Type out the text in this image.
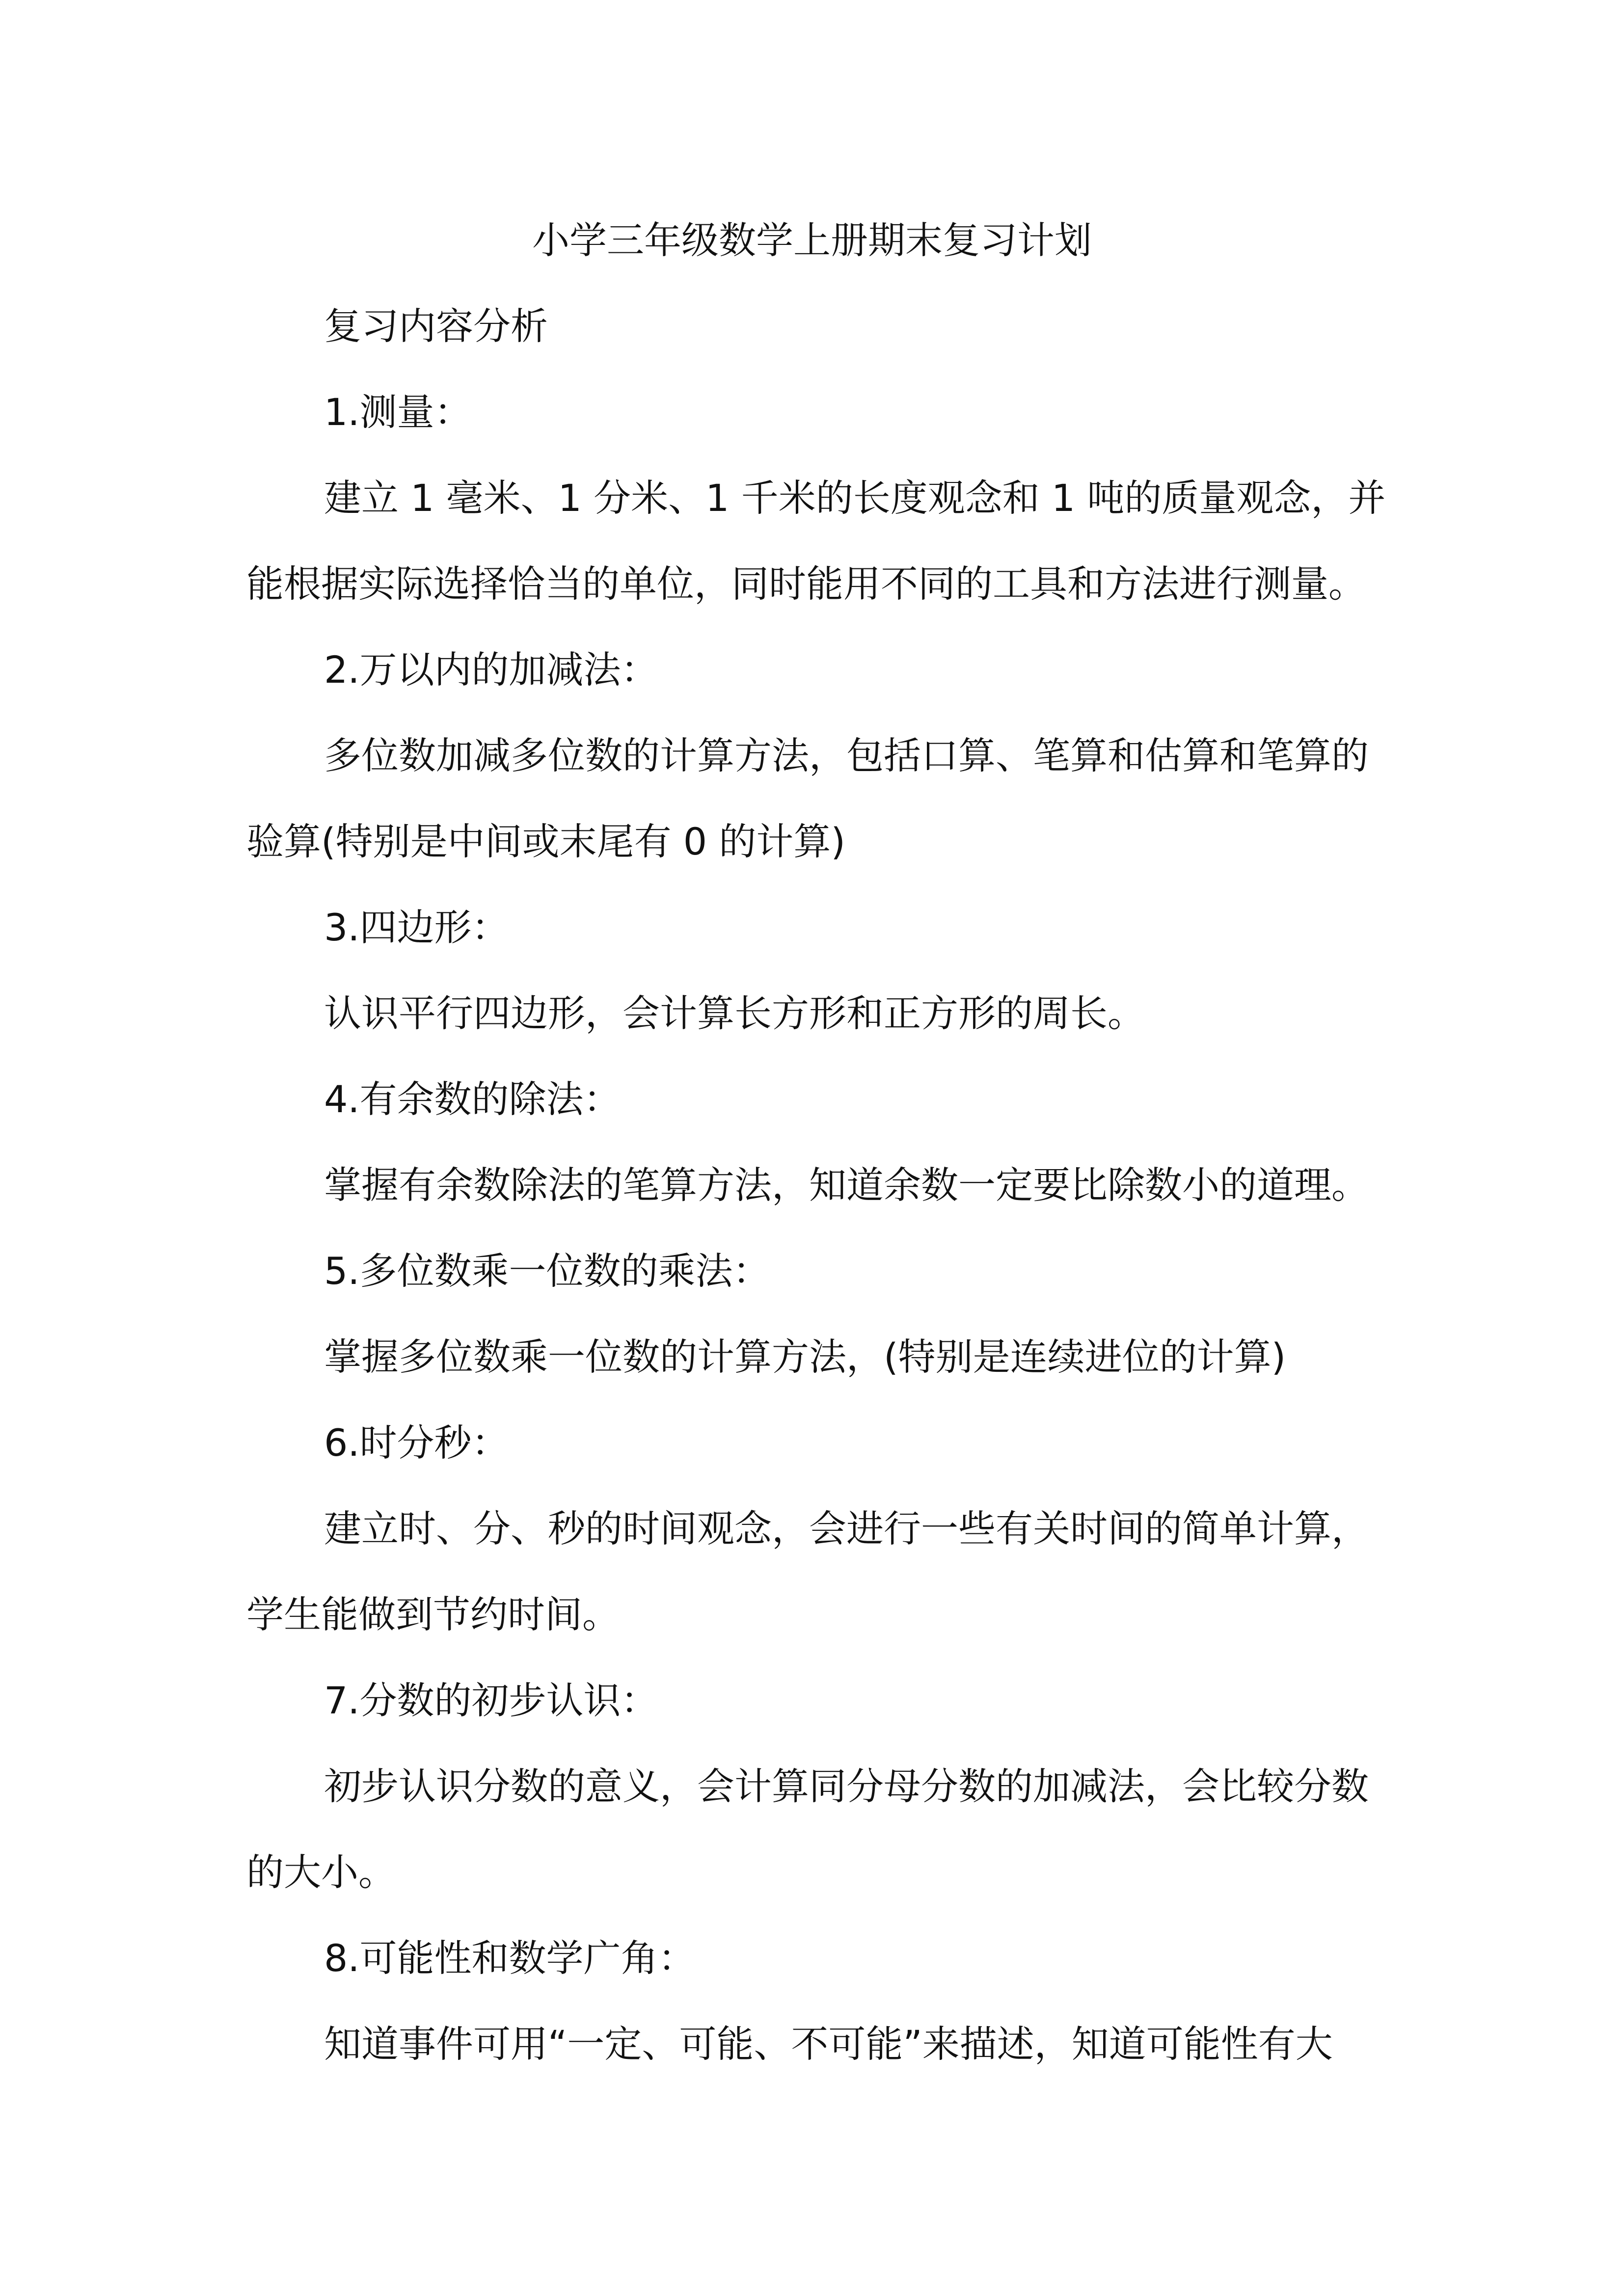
小学三年级数学上册期末复习计划
复习内容分析
1.测量：
建立 1 毫米、1 分米、1 千米的长度观念和 1 吨的质量观念，并
能根据实际选择恰当的单位，同时能用不同的工具和方法进行测量。
2.万以内的加减法：
多位数加减多位数的计算方法，包括口算、笔算和估算和笔算的
验算(特别是中间或末尾有 0 的计算)
3.四边形：
认识平行四边形，会计算长方形和正方形的周长。
4.有余数的除法：
掌握有余数除法的笔算方法，知道余数一定要比除数小的道理。
5.多位数乘一位数的乘法：
掌握多位数乘一位数的计算方法，(特别是连续进位的计算)
6.时分秒：
建立时、分、秒的时间观念，会进行一些有关时间的简单计算，
学生能做到节约时间。
7.分数的初步认识：
初步认识分数的意义，会计算同分母分数的加减法，会比较分数
的大小。
8.可能性和数学广角：
知道事件可用“一定、可能、不可能”来描述，知道可能性有大
